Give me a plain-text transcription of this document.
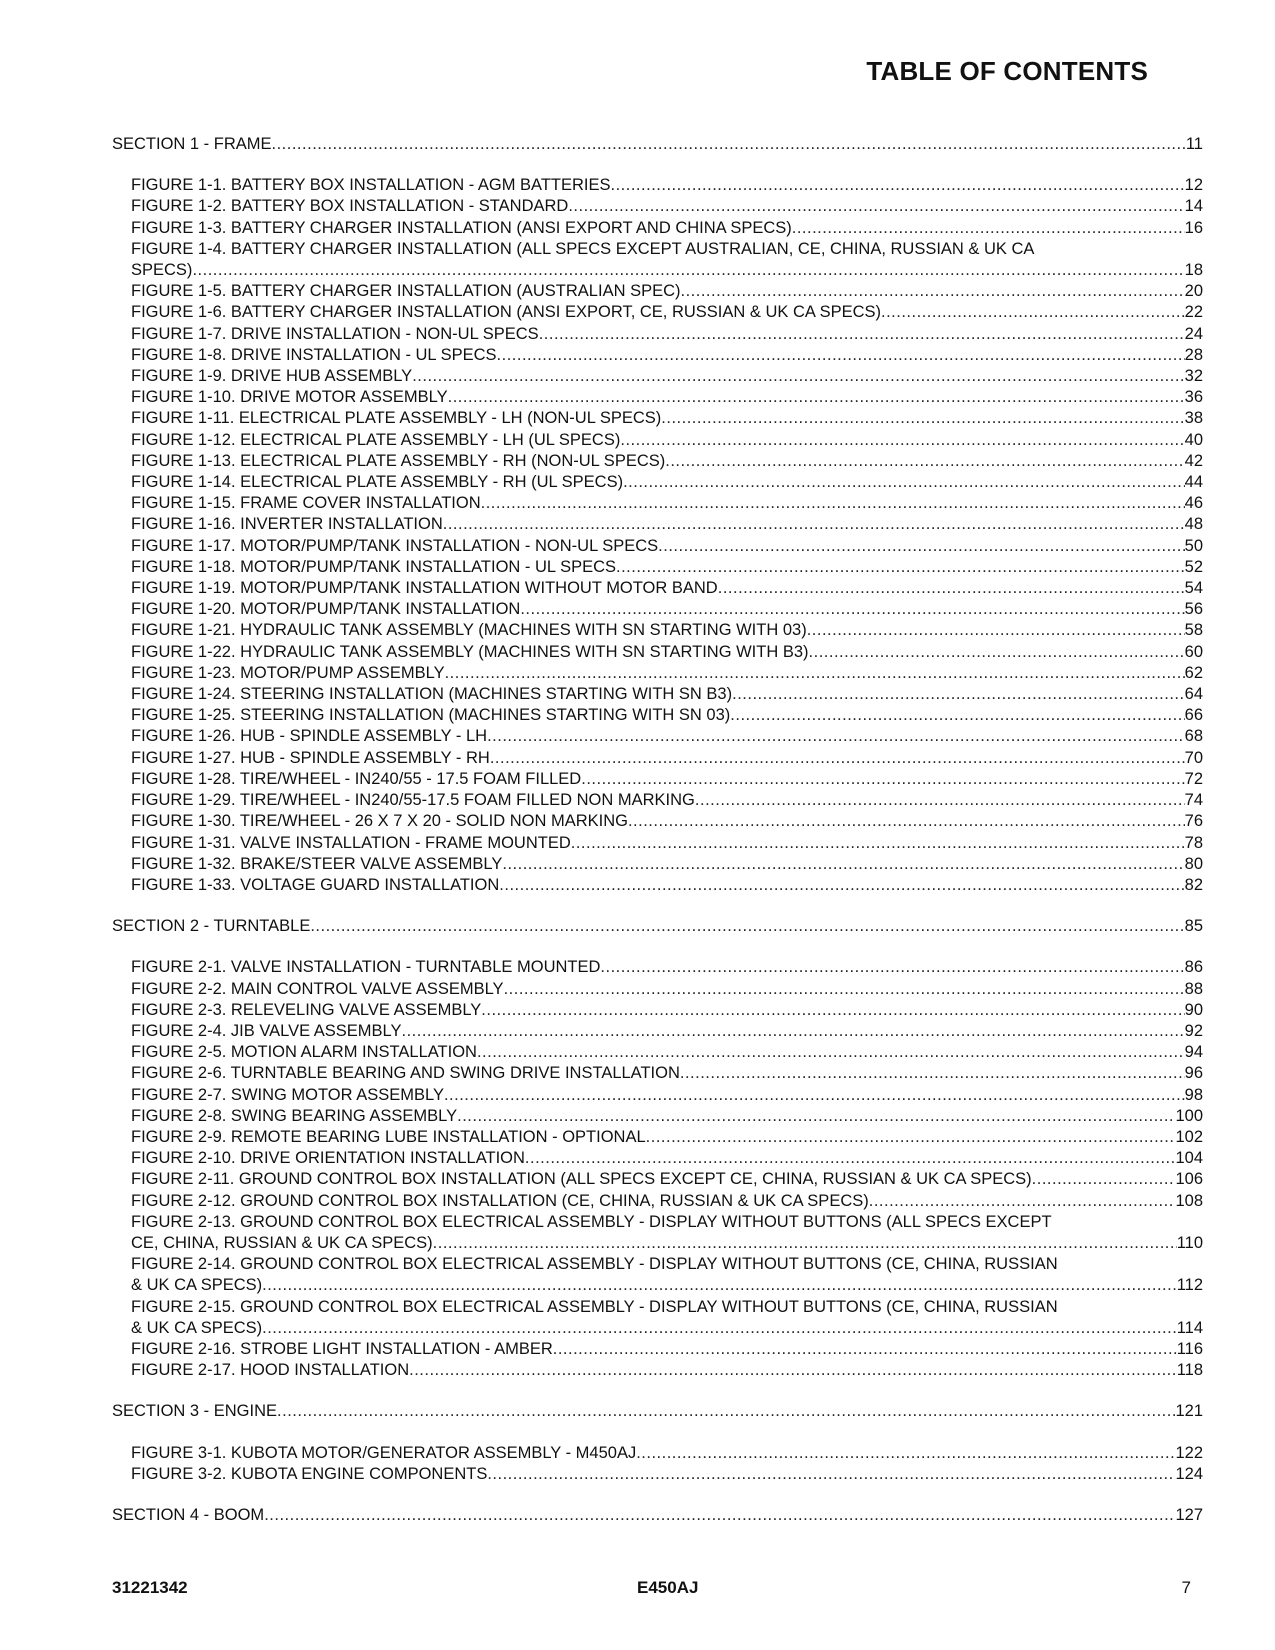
TABLE OF CONTENTS
SECTION 1 - FRAME .....	11
FIGURE 1-1. BATTERY BOX INSTALLATION - AGM BATTERIES .....	12
FIGURE 1-2. BATTERY BOX INSTALLATION - STANDARD .....	14
FIGURE 1-3. BATTERY CHARGER INSTALLATION (ANSI EXPORT AND CHINA SPECS) .....	16
FIGURE 1-4. BATTERY CHARGER INSTALLATION (ALL SPECS EXCEPT AUSTRALIAN, CE, CHINA, RUSSIAN & UK CA
SPECS) .....	18
FIGURE 1-5. BATTERY CHARGER INSTALLATION (AUSTRALIAN SPEC) .....	20
FIGURE 1-6. BATTERY CHARGER INSTALLATION (ANSI EXPORT, CE, RUSSIAN & UK CA SPECS) .....	22
FIGURE 1-7. DRIVE INSTALLATION - NON-UL SPECS .....	24
FIGURE 1-8. DRIVE INSTALLATION - UL SPECS .....	28
FIGURE 1-9. DRIVE HUB ASSEMBLY .....	32
FIGURE 1-10. DRIVE MOTOR ASSEMBLY .....	36
FIGURE 1-11. ELECTRICAL PLATE ASSEMBLY - LH (NON-UL SPECS) .....	38
FIGURE 1-12. ELECTRICAL PLATE ASSEMBLY - LH (UL SPECS) .....	40
FIGURE 1-13. ELECTRICAL PLATE ASSEMBLY - RH (NON-UL SPECS) .....	42
FIGURE 1-14. ELECTRICAL PLATE ASSEMBLY - RH (UL SPECS) .....	44
FIGURE 1-15. FRAME COVER INSTALLATION .....	46
FIGURE 1-16. INVERTER INSTALLATION .....	48
FIGURE 1-17. MOTOR/PUMP/TANK INSTALLATION - NON-UL SPECS .....	50
FIGURE 1-18. MOTOR/PUMP/TANK INSTALLATION - UL SPECS .....	52
FIGURE 1-19. MOTOR/PUMP/TANK INSTALLATION WITHOUT MOTOR BAND .....	54
FIGURE 1-20. MOTOR/PUMP/TANK INSTALLATION .....	56
FIGURE 1-21. HYDRAULIC TANK ASSEMBLY (MACHINES WITH SN STARTING WITH 03) .....	58
FIGURE 1-22. HYDRAULIC TANK ASSEMBLY (MACHINES WITH SN STARTING WITH B3) .....	60
FIGURE 1-23. MOTOR/PUMP ASSEMBLY .....	62
FIGURE 1-24. STEERING INSTALLATION (MACHINES STARTING WITH SN B3) .....	64
FIGURE 1-25. STEERING INSTALLATION (MACHINES STARTING WITH SN 03) .....	66
FIGURE 1-26. HUB - SPINDLE ASSEMBLY - LH .....	68
FIGURE 1-27. HUB - SPINDLE ASSEMBLY - RH .....	70
FIGURE 1-28. TIRE/WHEEL - IN240/55 - 17.5 FOAM FILLED .....	72
FIGURE 1-29. TIRE/WHEEL - IN240/55-17.5 FOAM FILLED NON MARKING .....	74
FIGURE 1-30. TIRE/WHEEL - 26 X 7 X 20 - SOLID NON MARKING .....	76
FIGURE 1-31. VALVE INSTALLATION - FRAME MOUNTED .....	78
FIGURE 1-32. BRAKE/STEER VALVE ASSEMBLY .....	80
FIGURE 1-33. VOLTAGE GUARD INSTALLATION .....	82
SECTION 2 - TURNTABLE .....	85
FIGURE 2-1. VALVE INSTALLATION - TURNTABLE MOUNTED .....	86
FIGURE 2-2. MAIN CONTROL VALVE ASSEMBLY .....	88
FIGURE 2-3. RELEVELING VALVE ASSEMBLY .....	90
FIGURE 2-4. JIB VALVE ASSEMBLY .....	92
FIGURE 2-5. MOTION ALARM INSTALLATION .....	94
FIGURE 2-6. TURNTABLE BEARING AND SWING DRIVE INSTALLATION .....	96
FIGURE 2-7. SWING MOTOR ASSEMBLY .....	98
FIGURE 2-8. SWING BEARING ASSEMBLY .....	100
FIGURE 2-9. REMOTE BEARING LUBE INSTALLATION - OPTIONAL .....	102
FIGURE 2-10. DRIVE ORIENTATION INSTALLATION .....	104
FIGURE 2-11. GROUND CONTROL BOX INSTALLATION (ALL SPECS EXCEPT CE, CHINA, RUSSIAN & UK CA SPECS) .....	106
FIGURE 2-12. GROUND CONTROL BOX INSTALLATION (CE, CHINA, RUSSIAN & UK CA SPECS) .....	108
FIGURE 2-13. GROUND CONTROL BOX ELECTRICAL ASSEMBLY - DISPLAY WITHOUT BUTTONS (ALL SPECS EXCEPT
CE, CHINA, RUSSIAN & UK CA SPECS) .....	110
FIGURE 2-14. GROUND CONTROL BOX ELECTRICAL ASSEMBLY - DISPLAY WITHOUT BUTTONS (CE, CHINA, RUSSIAN
& UK CA SPECS) .....	112
FIGURE 2-15. GROUND CONTROL BOX ELECTRICAL ASSEMBLY - DISPLAY WITHOUT BUTTONS (CE, CHINA, RUSSIAN
& UK CA SPECS) .....	114
FIGURE 2-16. STROBE LIGHT INSTALLATION - AMBER .....	116
FIGURE 2-17. HOOD INSTALLATION .....	118
SECTION 3 - ENGINE .....	121
FIGURE 3-1. KUBOTA MOTOR/GENERATOR ASSEMBLY - M450AJ .....	122
FIGURE 3-2. KUBOTA ENGINE COMPONENTS .....	124
SECTION 4 - BOOM .....	127
31221342	E450AJ	7
